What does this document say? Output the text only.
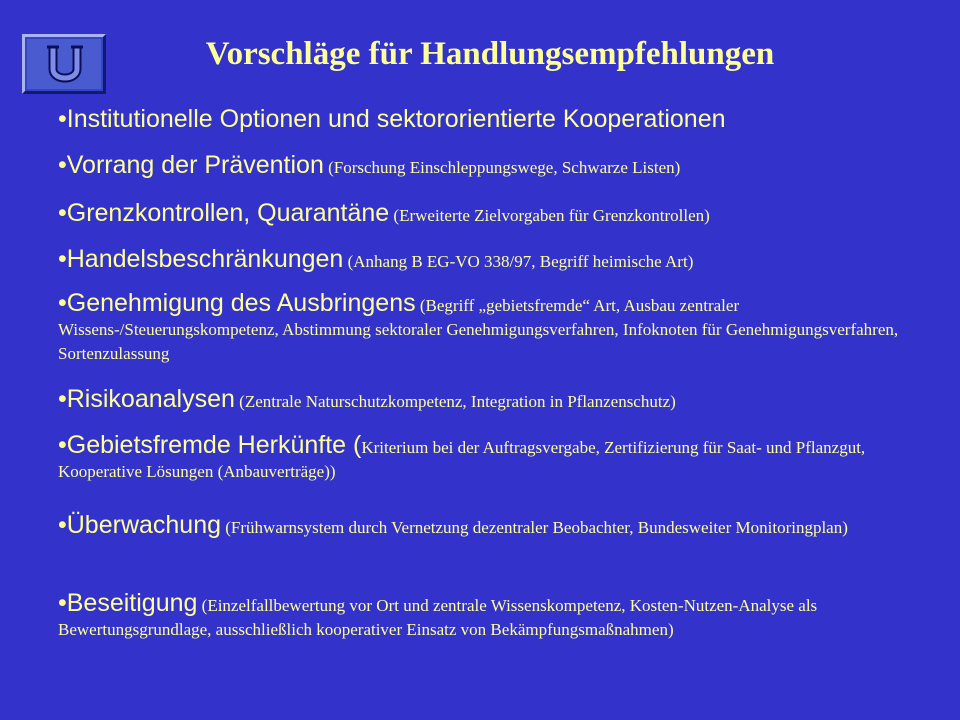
Vorschläge für Handlungsempfehlungen
•Institutionelle Optionen und sektororientierte Kooperationen
•Vorrang der Prävention (Forschung Einschleppungswege, Schwarze Listen)
•Grenzkontrollen, Quarantäne (Erweiterte Zielvorgaben für Grenzkontrollen)
•Handelsbeschränkungen (Anhang B EG-VO 338/97, Begriff heimische Art)
•Genehmigung des Ausbringens (Begriff „gebietsfremde“ Art, Ausbau zentraler Wissens-/Steuerungskompetenz, Abstimmung sektoraler Genehmigungsverfahren, Infoknoten für Genehmigungsverfahren, Sortenzulassung
•Risikoanalysen (Zentrale Naturschutzkompetenz, Integration in Pflanzenschutz)
•Gebietsfremde Herkünfte (Kriterium bei der Auftragsvergabe, Zertifizierung für Saat- und Pflanzgut, Kooperative Lösungen (Anbauverträge))
•Überwachung (Frühwarnsystem durch Vernetzung dezentraler Beobachter, Bundesweiter Monitoringplan)
•Beseitigung (Einzelfallbewertung vor Ort und zentrale Wissenskompetenz, Kosten-Nutzen-Analyse als Bewertungsgrundlage, ausschließlich kooperativer Einsatz von Bekämpfungsmaßnahmen)
